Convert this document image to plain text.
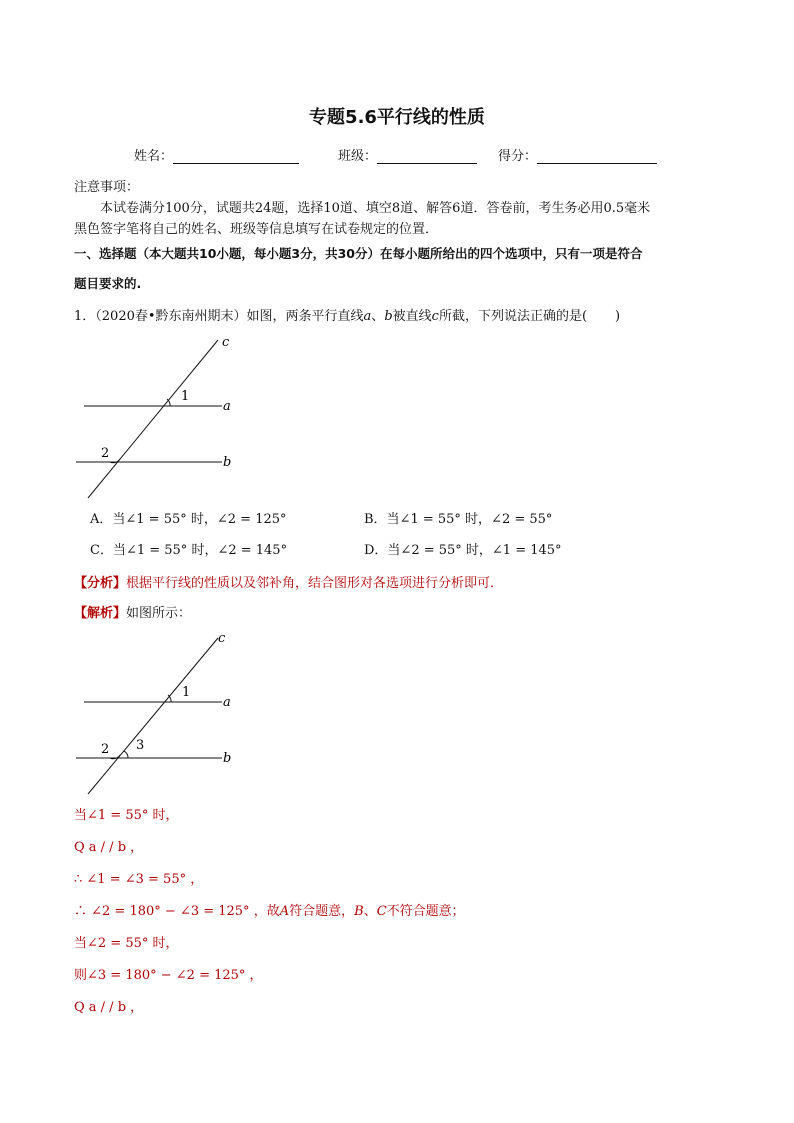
专题5.6平行线的性质
姓名：	班级：	得分：
注意事项：
本试卷满分100分，试题共24题，选择10道、填空8道、解答6道．答卷前，考生务必用0.5毫米
黑色签字笔将自己的姓名、班级等信息填写在试卷规定的位置．
一、选择题（本大题共10小题，每小题3分，共30分）在每小题所给出的四个选项中，只有一项是符合
题目要求的.
1．（2020春•黔东南州期末）如图，两条平行直线a、b被直线c所截，下列说法正确的是( )
c
a
b
1
2
A．当∠1 = 55° 时，∠2 = 125°	B．当∠1 = 55° 时，∠2 = 55°
C．当∠1 = 55° 时，∠2 = 145°	D．当∠2 = 55° 时，∠1 = 145°
【分析】根据平行线的性质以及邻补角，结合图形对各选项进行分析即可．
【解析】如图所示：
c
a
b
1
2 3
当∠1 = 55° 时，
Q a / / b ，
∴ ∠1 = ∠3 = 55° ，
∴ ∠2 = 180° − ∠3 = 125° ，故A符合题意，B、C不符合题意；
当∠2 = 55° 时，
则∠3 = 180° − ∠2 = 125° ，
Q a / / b ，
